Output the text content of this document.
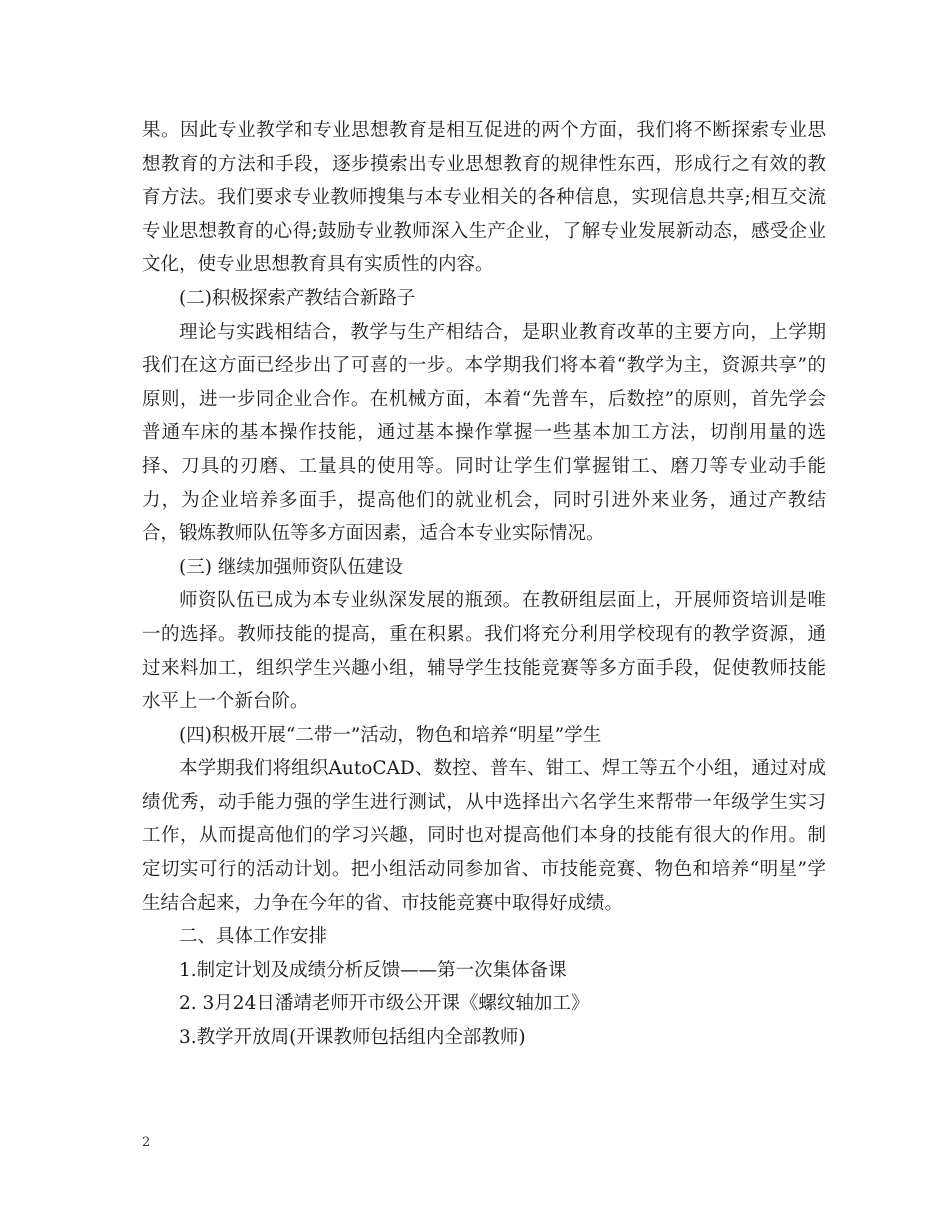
果。因此专业教学和专业思想教育是相互促进的两个方面，我们将不断探索专业思想教育的方法和手段，逐步摸索出专业思想教育的规律性东西，形成行之有效的教育方法。我们要求专业教师搜集与本专业相关的各种信息，实现信息共享;相互交流专业思想教育的心得;鼓励专业教师深入生产企业，了解专业发展新动态，感受企业文化，使专业思想教育具有实质性的内容。

(二)积极探索产教结合新路子

理论与实践相结合，教学与生产相结合，是职业教育改革的主要方向，上学期我们在这方面已经步出了可喜的一步。本学期我们将本着“教学为主，资源共享”的原则，进一步同企业合作。在机械方面，本着“先普车，后数控”的原则，首先学会普通车床的基本操作技能，通过基本操作掌握一些基本加工方法，切削用量的选择、刀具的刃磨、工量具的使用等。同时让学生们掌握钳工、磨刀等专业动手能力，为企业培养多面手，提高他们的就业机会，同时引进外来业务，通过产教结合，锻炼教师队伍等多方面因素，适合本专业实际情况。

(三) 继续加强师资队伍建设

师资队伍已成为本专业纵深发展的瓶颈。在教研组层面上，开展师资培训是唯一的选择。教师技能的提高，重在积累。我们将充分利用学校现有的教学资源，通过来料加工，组织学生兴趣小组，辅导学生技能竞赛等多方面手段，促使教师技能水平上一个新台阶。

(四)积极开展“二带一”活动，物色和培养“明星”学生

本学期我们将组织AutoCAD、数控、普车、钳工、焊工等五个小组，通过对成绩优秀，动手能力强的学生进行测试，从中选择出六名学生来帮带一年级学生实习工作，从而提高他们的学习兴趣，同时也对提高他们本身的技能有很大的作用。制定切实可行的活动计划。把小组活动同参加省、市技能竞赛、物色和培养“明星”学生结合起来，力争在今年的省、市技能竞赛中取得好成绩。

二、具体工作安排

1.制定计划及成绩分析反馈——第一次集体备课

2. 3月24日潘靖老师开市级公开课《螺纹轴加工》

3.教学开放周(开课教师包括组内全部教师)

2
